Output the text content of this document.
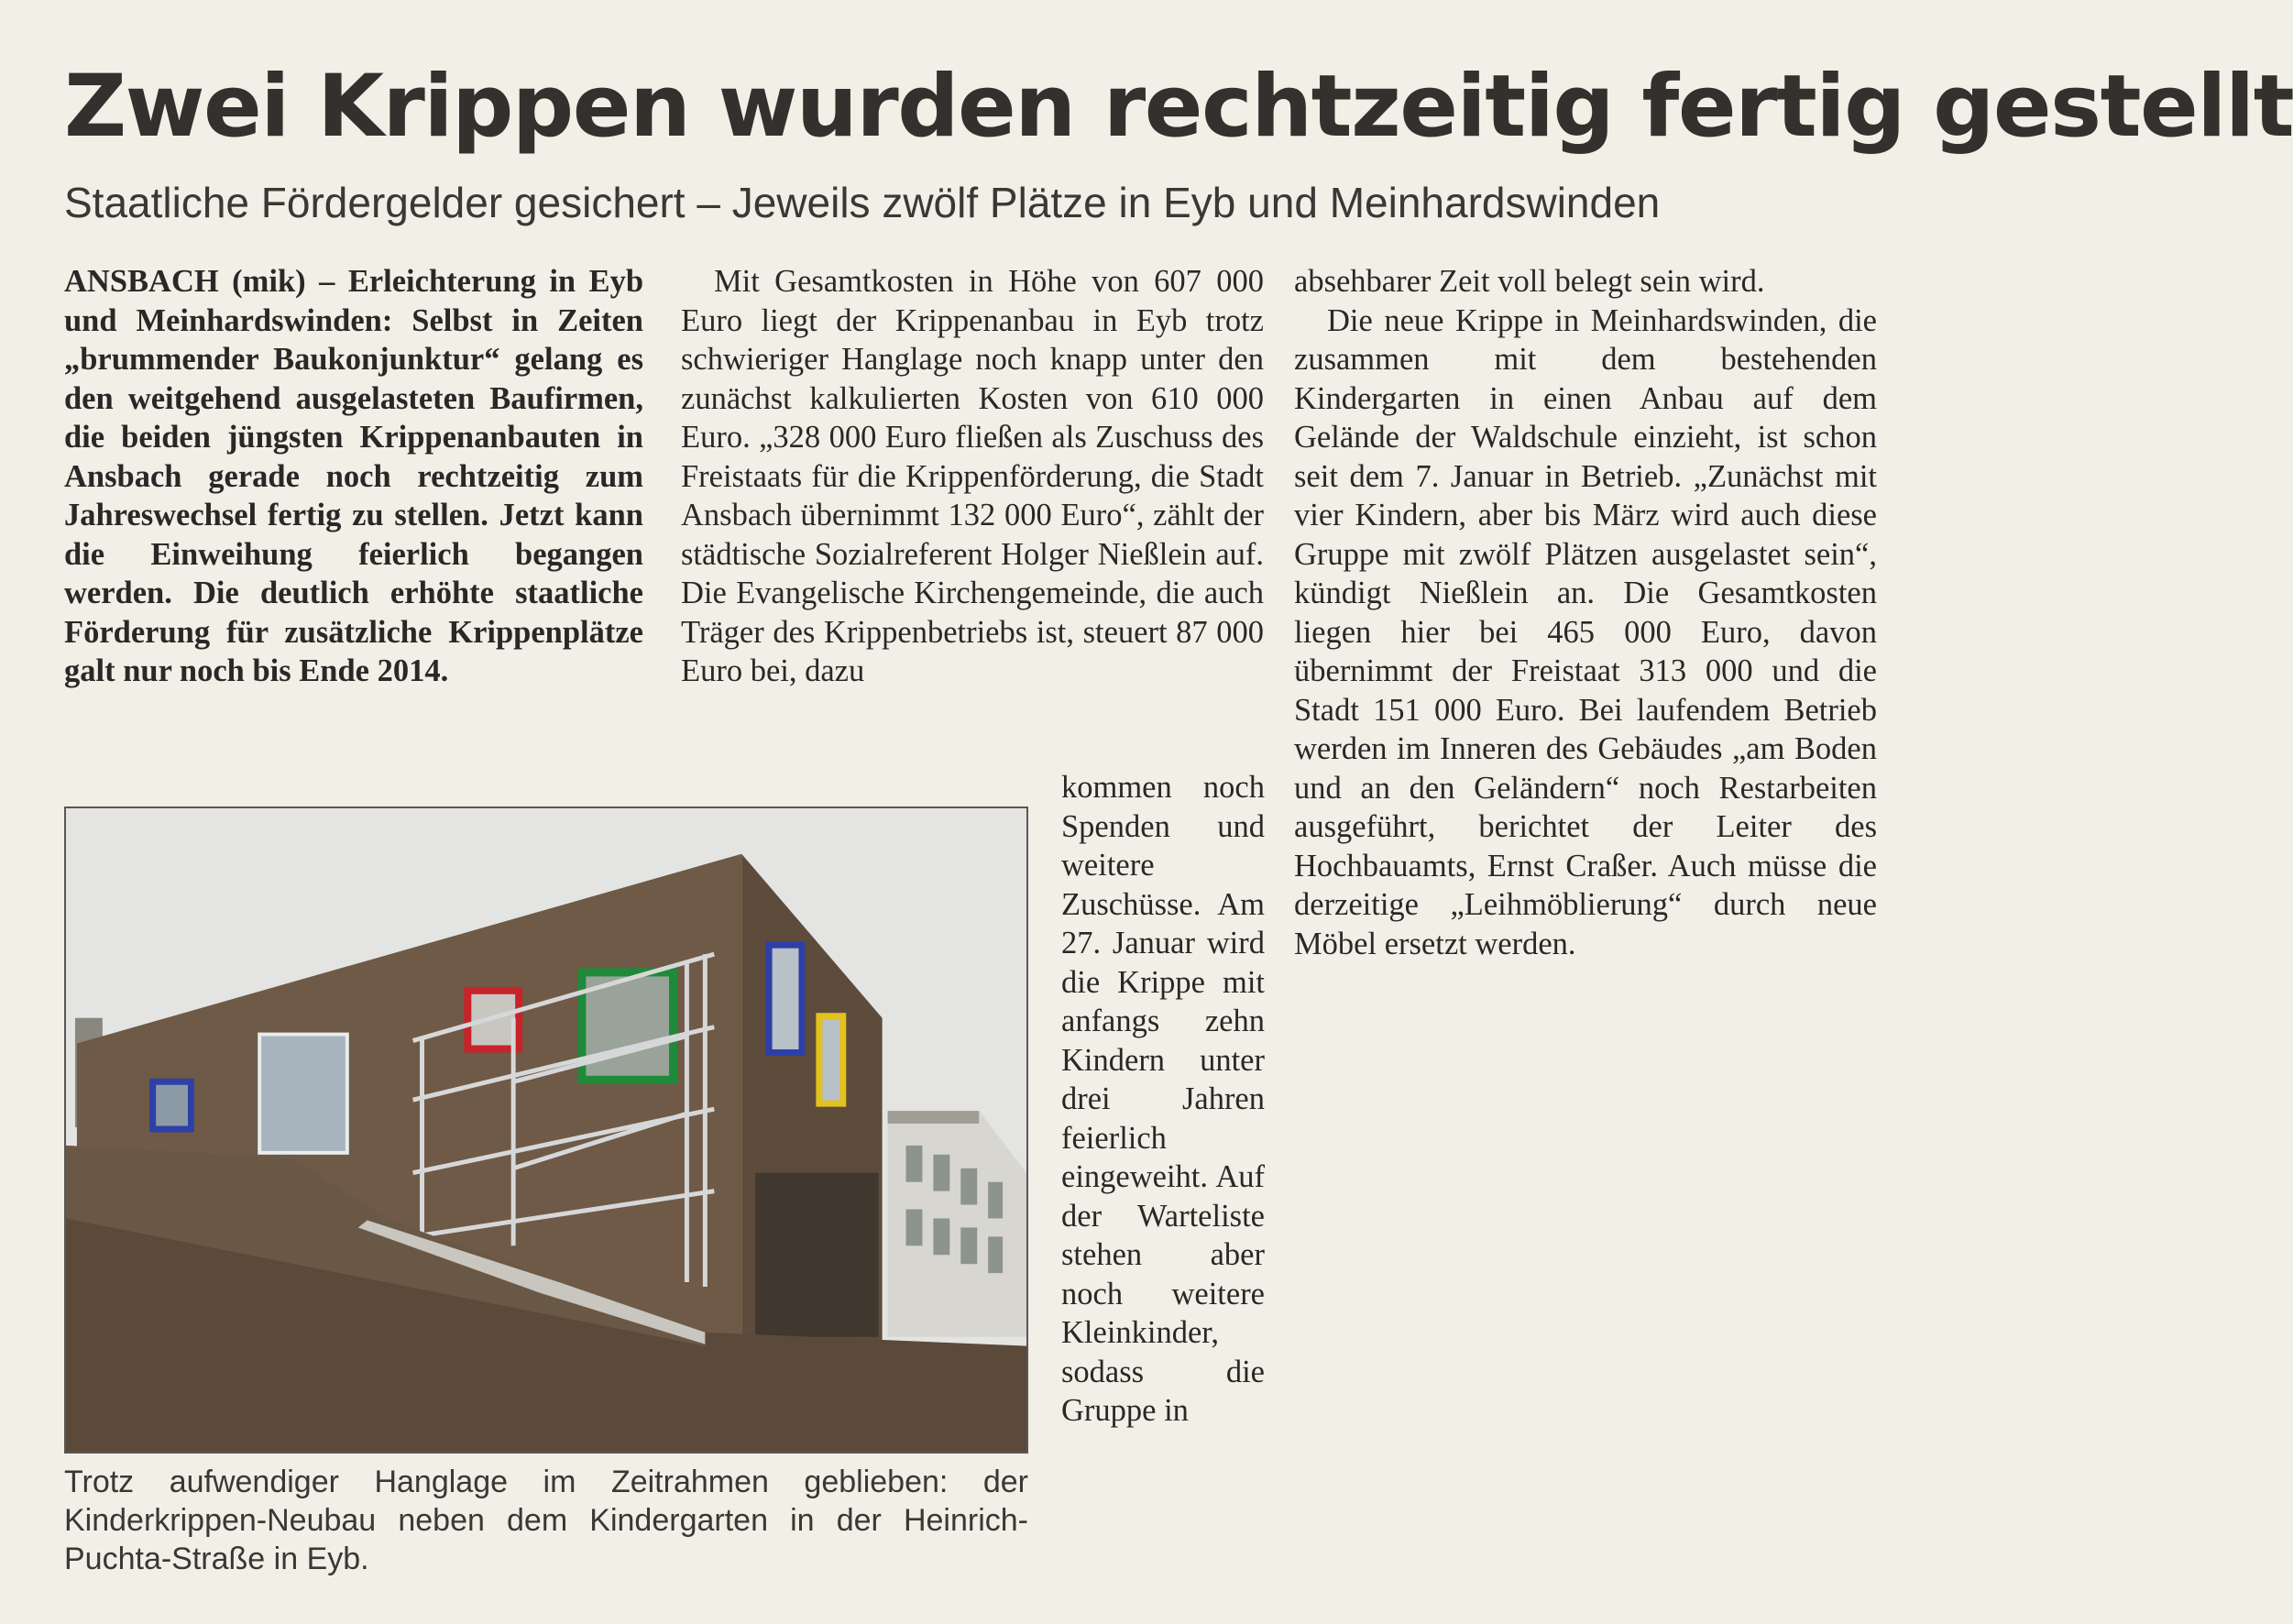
Zwei Krippen wurden rechtzeitig fertig gestellt
Staatliche Fördergelder gesichert – Jeweils zwölf Plätze in Eyb und Meinhardswinden

ANSBACH (mik) – Erleichterung in Eyb und Meinhardswinden: Selbst in Zeiten „brummender Baukonjunktur“ gelang es den weitgehend ausgelasteten Baufirmen, die beiden jüngsten Krippenanbauten in Ansbach gerade noch rechtzeitig zum Jahreswechsel fertig zu stellen. Jetzt kann die Einweihung feierlich begangen werden. Die deutlich erhöhte staatliche Förderung für zusätzliche Krippenplätze galt nur noch bis Ende 2014.

Mit Gesamtkosten in Höhe von 607 000 Euro liegt der Krippenanbau in Eyb trotz schwieriger Hanglage noch knapp unter den zunächst kalkulierten Kosten von 610 000 Euro. „328 000 Euro fließen als Zuschuss des Freistaats für die Krippenförderung, die Stadt Ansbach übernimmt 132 000 Euro“, zählt der städtische Sozialreferent Holger Nießlein auf. Die Evangelische Kirchengemeinde, die auch Träger des Krippenbetriebs ist, steuert 87 000 Euro bei, dazu

kommen noch Spenden und weitere Zuschüsse. Am 27. Januar wird die Krippe mit anfangs zehn Kindern unter drei Jahren feierlich eingeweiht. Auf der Warteliste stehen aber noch weitere Kleinkinder, sodass die Gruppe in

absehbarer Zeit voll belegt sein wird.

Die neue Krippe in Meinhardswinden, die zusammen mit dem bestehenden Kindergarten in einen Anbau auf dem Gelände der Waldschule einzieht, ist schon seit dem 7. Januar in Betrieb. „Zunächst mit vier Kindern, aber bis März wird auch diese Gruppe mit zwölf Plätzen ausgelastet sein“, kündigt Nießlein an. Die Gesamtkosten liegen hier bei 465 000 Euro, davon übernimmt der Freistaat 313 000 und die Stadt 151 000 Euro. Bei laufendem Betrieb werden im Inneren des Gebäudes „am Boden und an den Geländern“ noch Restarbeiten ausgeführt, berichtet der Leiter des Hochbauamts, Ernst Craßer. Auch müsse die derzeitige „Leihmöblierung“ durch neue Möbel ersetzt werden.

Trotz aufwendiger Hanglage im Zeitrahmen geblieben: der Kinderkrippen-Neubau neben dem Kindergarten in der Heinrich-Puchta-Straße in Eyb.
